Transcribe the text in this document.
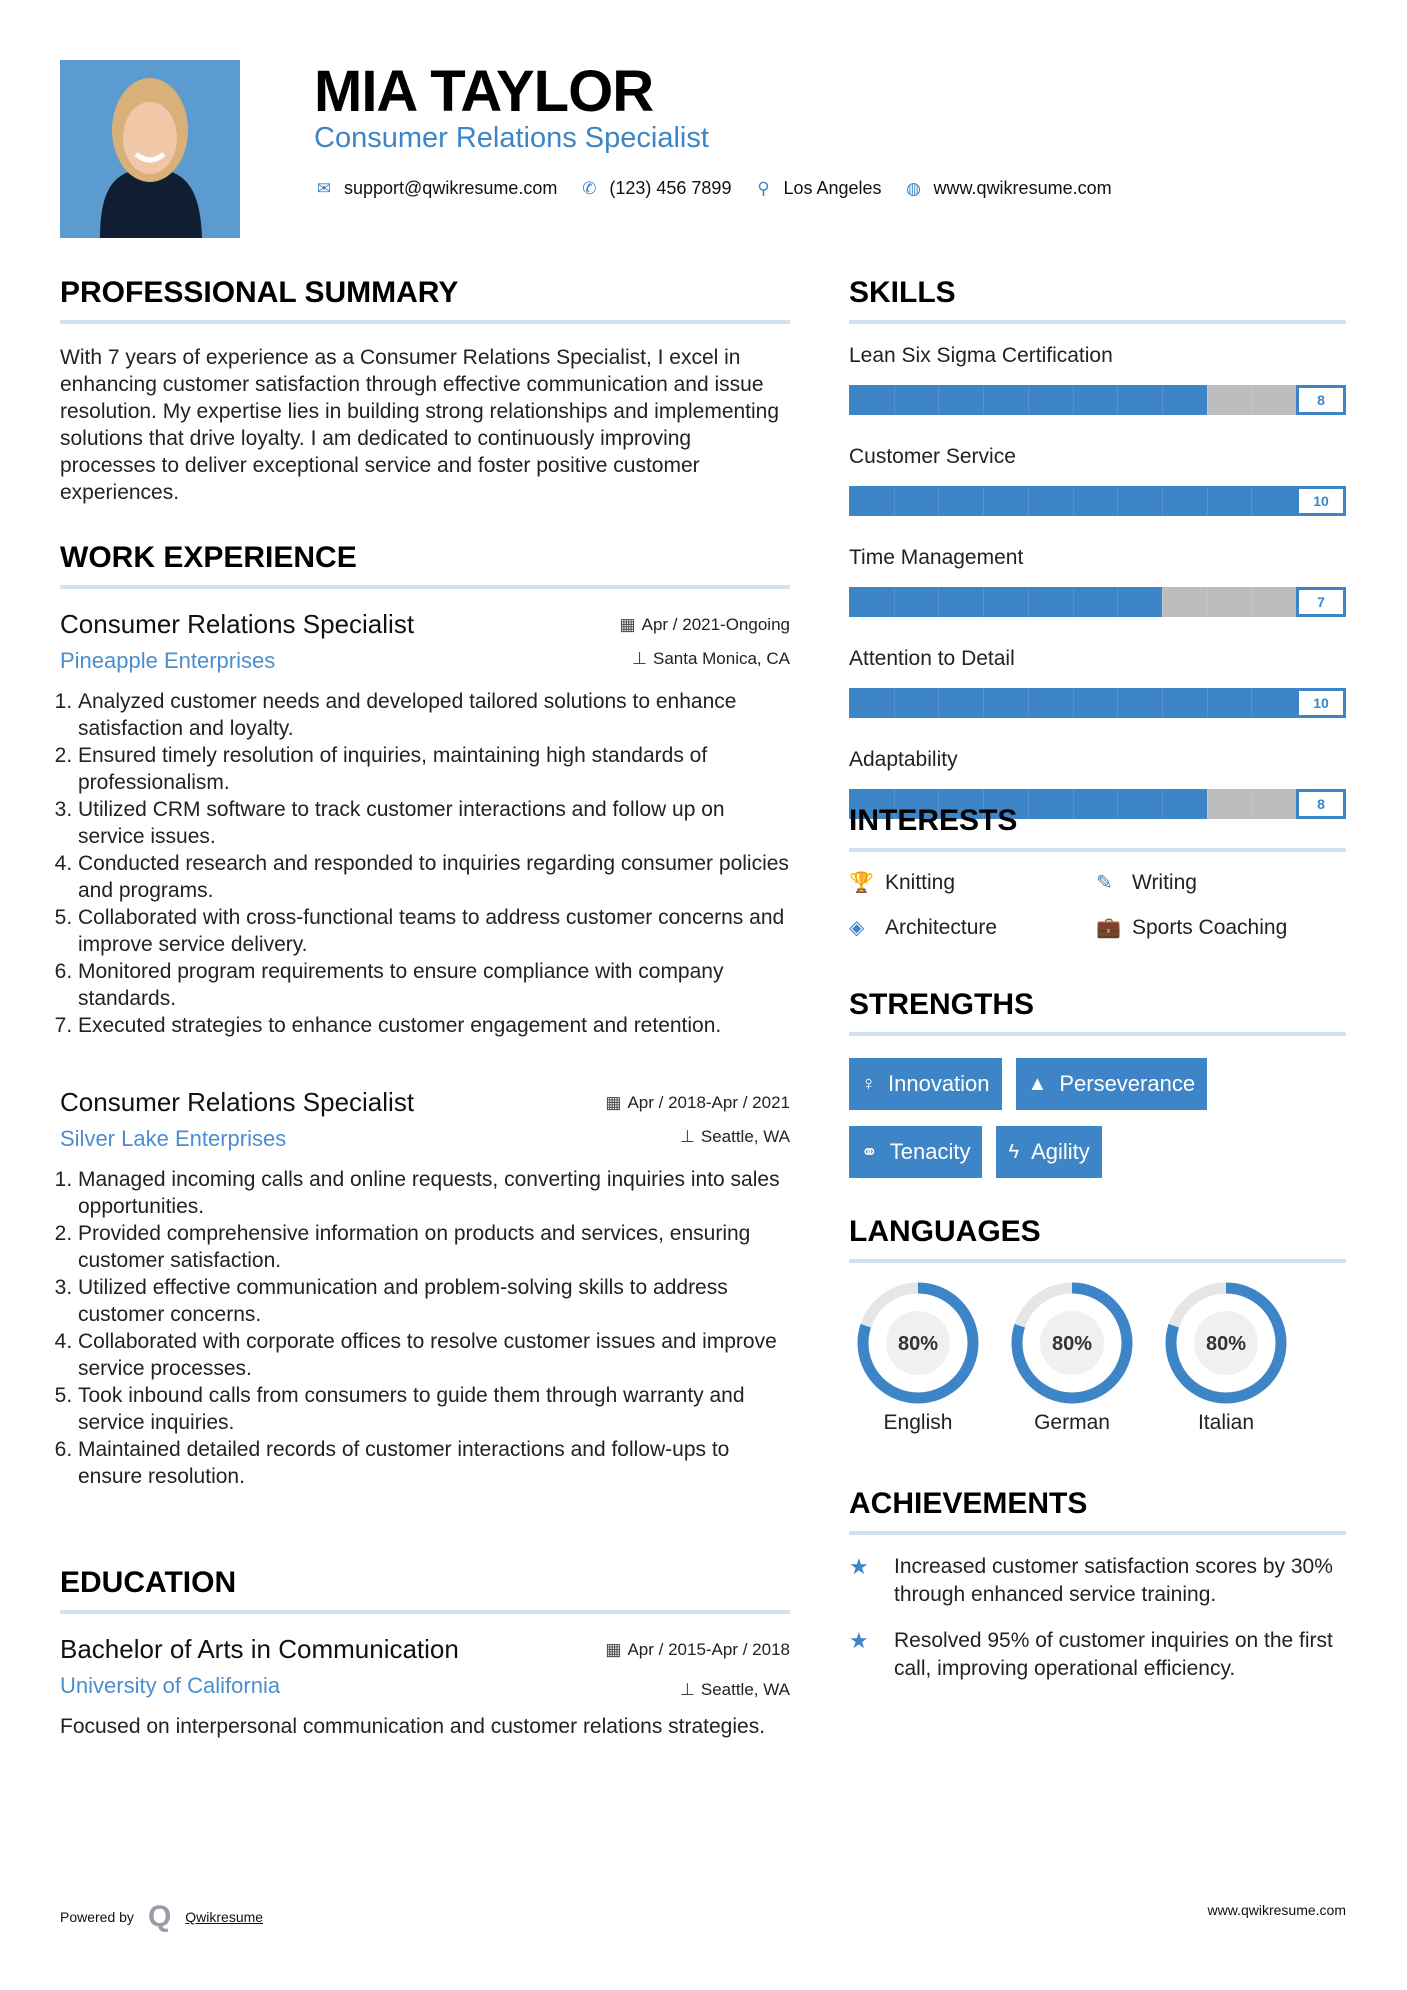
MIA TAYLOR
Consumer Relations Specialist
✉ support@qwikresume.com ✆ (123) 456 7899 ⚲ Los Angeles ◍ www.qwikresume.com
PROFESSIONAL SUMMARY
With 7 years of experience as a Consumer Relations Specialist, I excel in enhancing customer satisfaction through effective communication and issue resolution. My expertise lies in building strong relationships and implementing solutions that drive loyalty. I am dedicated to continuously improving processes to deliver exceptional service and foster positive customer experiences.
WORK EXPERIENCE
▦ Apr / 2021-Ongoing
⊥ Santa Monica, CA
Consumer Relations Specialist
Pineapple Enterprises
1. Analyzed customer needs and developed tailored solutions to enhance satisfaction and loyalty.
2. Ensured timely resolution of inquiries, maintaining high standards of professionalism.
3. Utilized CRM software to track customer interactions and follow up on service issues.
4. Conducted research and responded to inquiries regarding consumer policies and programs.
5. Collaborated with cross-functional teams to address customer concerns and improve service delivery.
6. Monitored program requirements to ensure compliance with company standards.
7. Executed strategies to enhance customer engagement and retention.
▦ Apr / 2018-Apr / 2021
⊥ Seattle, WA
Consumer Relations Specialist
Silver Lake Enterprises
1. Managed incoming calls and online requests, converting inquiries into sales opportunities.
2. Provided comprehensive information on products and services, ensuring customer satisfaction.
3. Utilized effective communication and problem-solving skills to address customer concerns.
4. Collaborated with corporate offices to resolve customer issues and improve service processes.
5. Took inbound calls from consumers to guide them through warranty and service inquiries.
6. Maintained detailed records of customer interactions and follow-ups to ensure resolution.
EDUCATION
▦ Apr / 2015-Apr / 2018
⊥ Seattle, WA
Bachelor of Arts in Communication
University of California
Focused on interpersonal communication and customer relations strategies.
SKILLS
Lean Six Sigma Certification
8
Customer Service
10
Time Management
7
Attention to Detail
10
Adaptability
8
INTERESTS
🏆 Knitting	✎ Writing
◈ Architecture	💼 Sports Coaching
STRENGTHS
♀ Innovation ▲ Perseverance
⚭ Tenacity ϟ Agility
LANGUAGES
80%
English
80%
German
80%
Italian
ACHIEVEMENTS
★	Increased customer satisfaction scores by 30% through enhanced service training.
★	Resolved 95% of customer inquiries on the first call, improving operational efficiency.
Powered by Q Qwikresume	www.qwikresume.com
